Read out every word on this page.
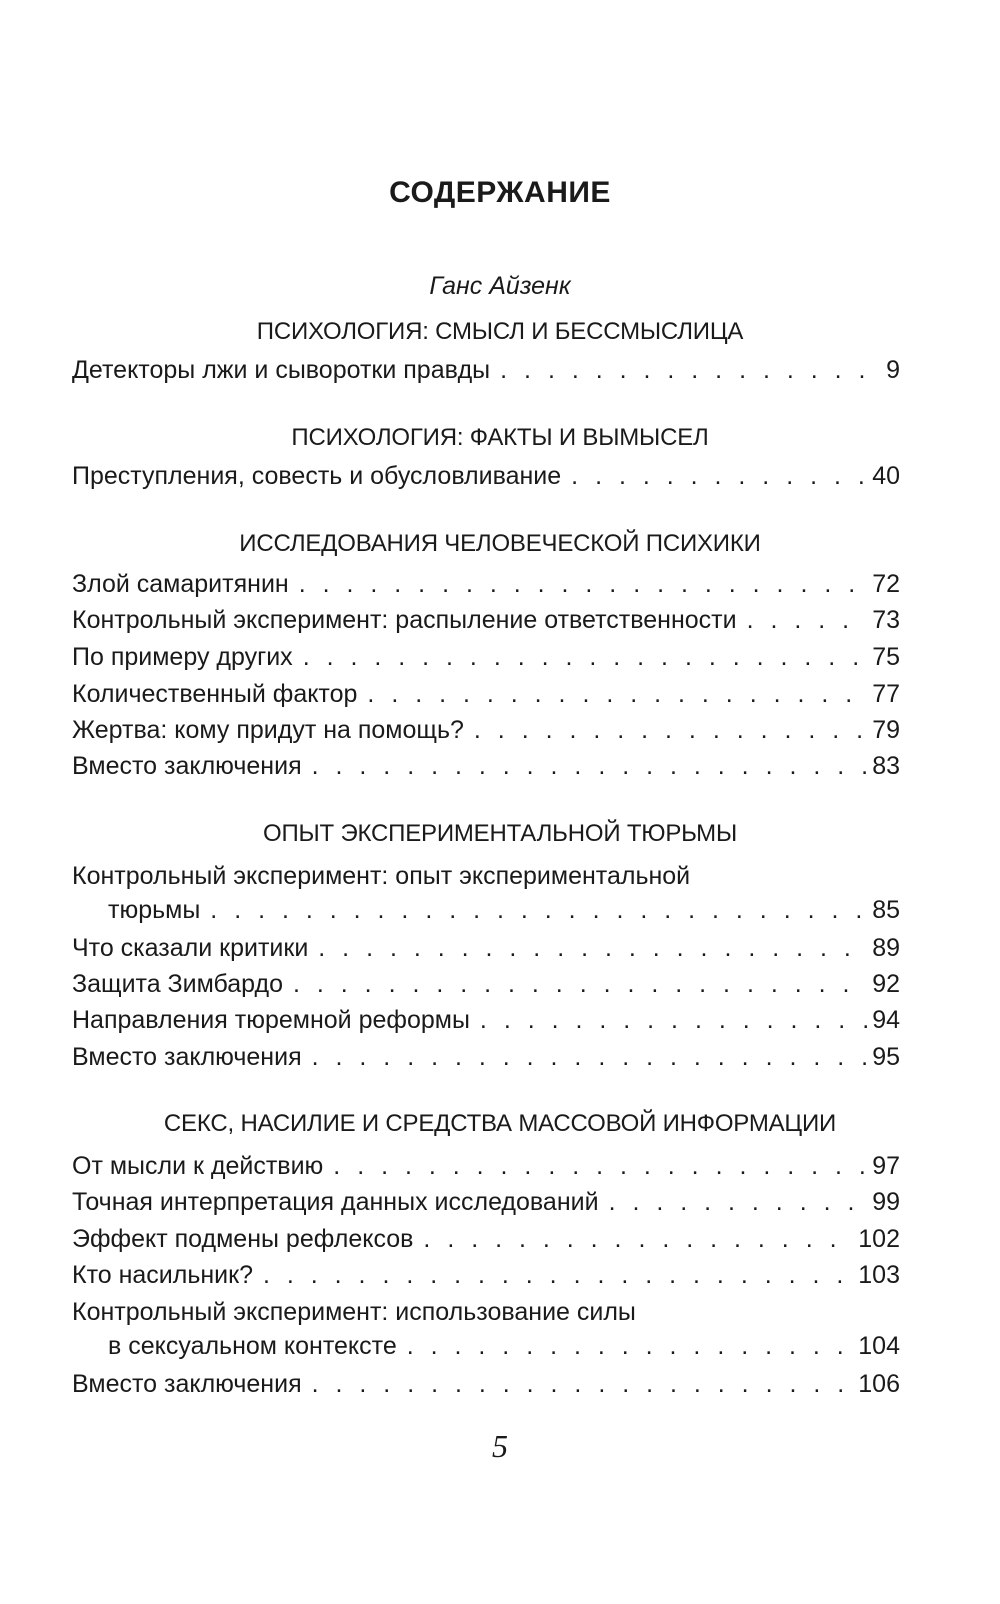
СОДЕРЖАНИЕ
Ганс Айзенк
ПСИХОЛОГИЯ: СМЫСЛ И БЕССМЫСЛИЦА
Детекторы лжи и сыворотки правды . . .	9
ПСИХОЛОГИЯ: ФАКТЫ И ВЫМЫСЕЛ
Преступления, совесть и обусловливание . . .	40
ИССЛЕДОВАНИЯ ЧЕЛОВЕЧЕСКОЙ ПСИХИКИ
Злой самаритянин . . .	72
Контрольный эксперимент: распыление ответственности . . .	73
По примеру других . . .	75
Количественный фактор . . .	77
Жертва: кому придут на помощь? . . .	79
Вместо заключения . . .	83
ОПЫТ ЭКСПЕРИМЕНТАЛЬНОЙ ТЮРЬМЫ
Контрольный эксперимент: опыт экспериментальной
тюрьмы . . .	85
Что сказали критики . . .	89
Защита Зимбардо . . .	92
Направления тюремной реформы . . .	94
Вместо заключения . . .	95
СЕКС, НАСИЛИЕ И СРЕДСТВА МАССОВОЙ ИНФОРМАЦИИ
От мысли к действию . . .	97
Точная интерпретация данных исследований . . .	99
Эффект подмены рефлексов . . .	102
Кто насильник? . . .	103
Контрольный эксперимент: использование силы
в сексуальном контексте . . .	104
Вместо заключения . . .	106
5
